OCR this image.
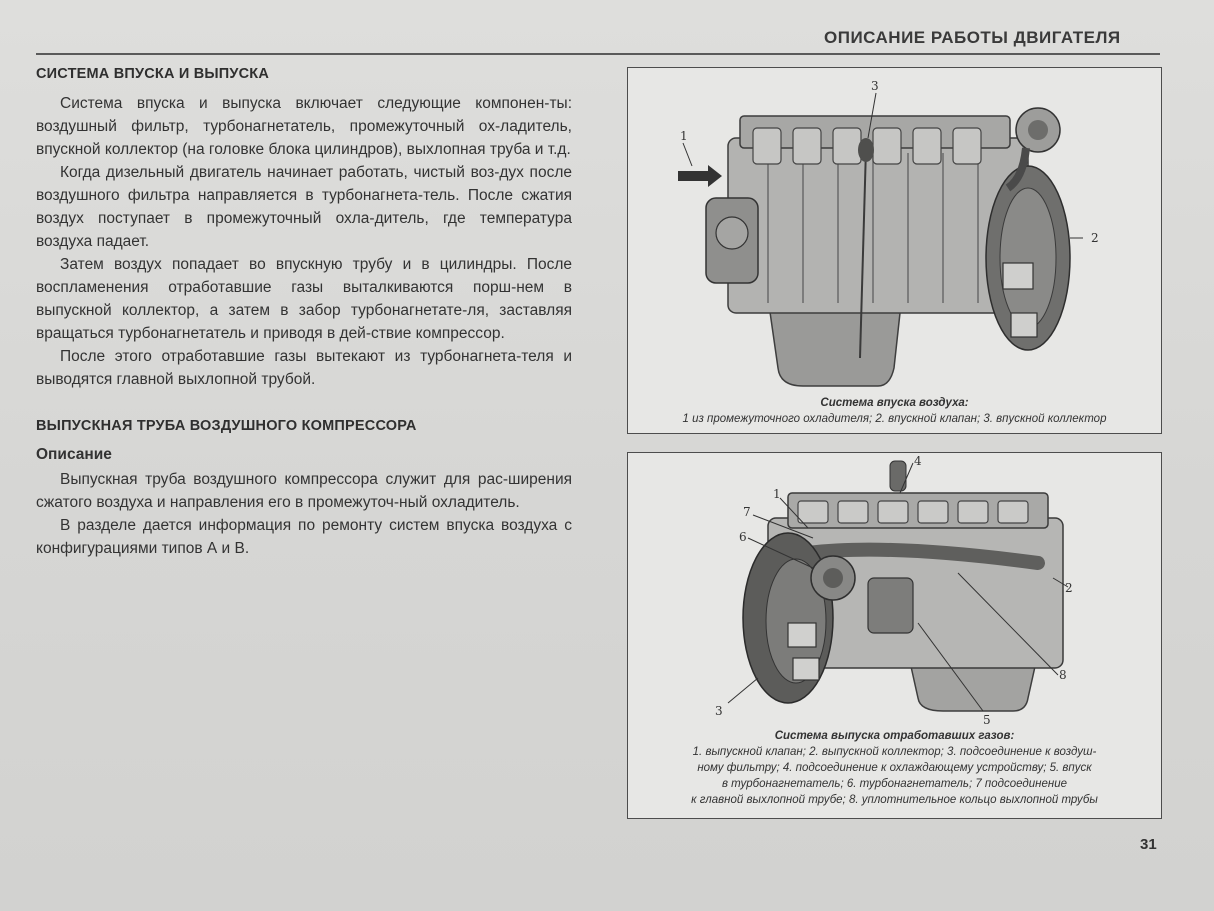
ОПИСАНИЕ РАБОТЫ ДВИГАТЕЛЯ
СИСТЕМА ВПУСКА И ВЫПУСКА

Система впуска и выпуска включает следующие компонен-ты: воздушный фильтр, турбонагнетатель, промежуточный ох-ладитель, впускной коллектор (на головке блока цилиндров), выхлопная труба и т.д.

Когда дизельный двигатель начинает работать, чистый воз-дух после воздушного фильтра направляется в турбонагнета-тель. После сжатия воздух поступает в промежуточный охла-дитель, где температура воздуха падает.

Затем воздух попадает во впускную трубу и в цилиндры. После воспламенения отработавшие газы выталкиваются порш-нем в выпускной коллектор, а затем в забор турбонагнетате-ля, заставляя вращаться турбонагнетатель и приводя в дей-ствие компрессор.

После этого отработавшие газы вытекают из турбонагнета-теля и выводятся главной выхлопной трубой.

ВЫПУСКНАЯ ТРУБА ВОЗДУШНОГО КОМПРЕССОРА
Описание

Выпускная труба воздушного компрессора служит для рас-ширения сжатого воздуха и направления его в промежуточ-ный охладитель.

В разделе дается информация по ремонту систем впуска воздуха с конфигурациями типов А и В.

1
2
3
Система впуска воздуха:
1 из промежуточного охладителя; 2. впускной клапан; 3. впускной коллектор
4
1
7
6
2
3
5
8
Система выпуска отработавших газов:
1. выпускной клапан; 2. выпускной коллектор; 3. подсоединение к воздуш-
ному фильтру; 4. подсоединение к охлаждающему устройству; 5. впуск
в турбонагнетатель; 6. турбонагнетатель; 7 подсоединение
к главной выхлопной трубе; 8. уплотнительное кольцо выхлопной трубы
31
